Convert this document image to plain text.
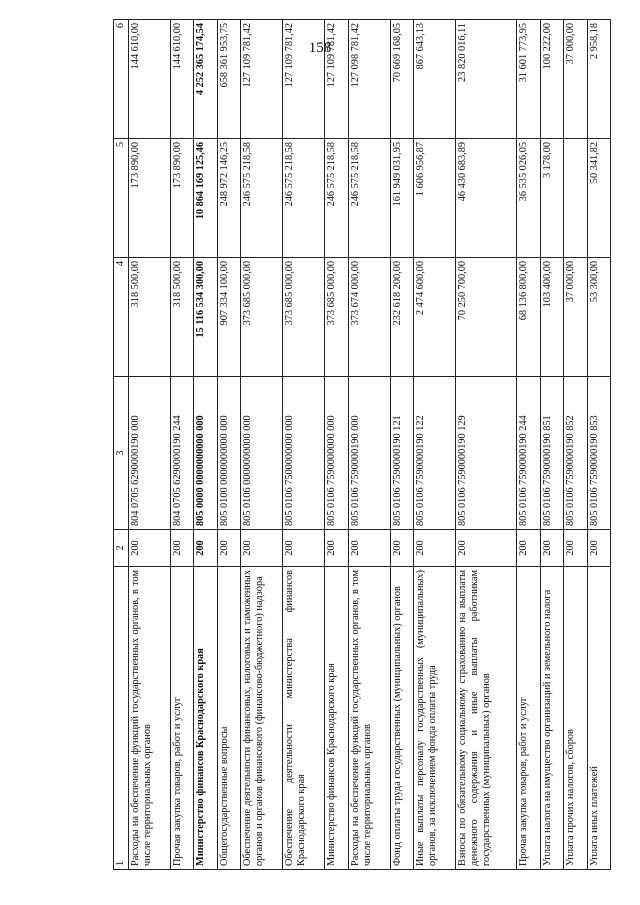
158
1	2	3	4	5	6
Расходы на обеспечение функций государственных органов, в том числе территориальных органов	200	804 0705 6290000190 000	318 500,00	173 890,00	144 610,00
Прочая закупка товаров, работ и услуг	200	804 0705 6290000190 244	318 500,00	173 890,00	144 610,00
Министерство финансов Краснодарского края	200	805 0000 0000000000 000	15 116 534 300,00	10 864 169 125,46	4 252 365 174,54
Общегосударственные вопросы	200	805 0100 0000000000 000	907 334 100,00	248 972 146,25	658 361 953,75
Обеспечение деятельности финансовых, налоговых и таможенных органов и органов финансового (финансово-бюджетного) надзора	200	805 0106 0000000000 000	373 685 000,00	246 575 218,58	127 109 781,42
Обеспечение деятельности министерства финансов Краснодарского края	200	805 0106 7500000000 000	373 685 000,00	246 575 218,58	127 109 781,42
Министерство финансов Краснодарского края	200	805 0106 7590000000 000	373 685 000,00	246 575 218,58	127 109 781,42
Расходы на обеспечение функций государственных органов, в том числе территориальных органов	200	805 0106 7590000190 000	373 674 000,00	246 575 218,58	127 098 781,42
Фонд оплаты труда государственных (муниципальных) органов	200	805 0106 7590000190 121	232 618 200,00	161 949 031,95	70 669 168,05
Иные выплаты персоналу государственных (муниципальных) органов, за исключением фонда оплаты труда	200	805 0106 7590000190 122	2 474 600,00	1 606 956,87	867 643,13
Взносы по обязательному социальному страхованию на выплаты денежного содержания и иные выплаты работникам государственных (муниципальных) органов	200	805 0106 7590000190 129	70 250 700,00	46 430 683,89	23 820 016,11
Прочая закупка товаров, работ и услуг	200	805 0106 7590000190 244	68 136 800,00	36 535 026,05	31 601 773,95
Уплата налога на имущество организаций и земельного налога	200	805 0106 7590000190 851	103 400,00	3 178,00	100 222,00
Уплата прочих налогов, сборов	200	805 0106 7590000190 852	37 000,00		37 000,00
Уплата иных платежей	200	805 0106 7590000190 853	53 300,00	50 341,82	2 958,18
